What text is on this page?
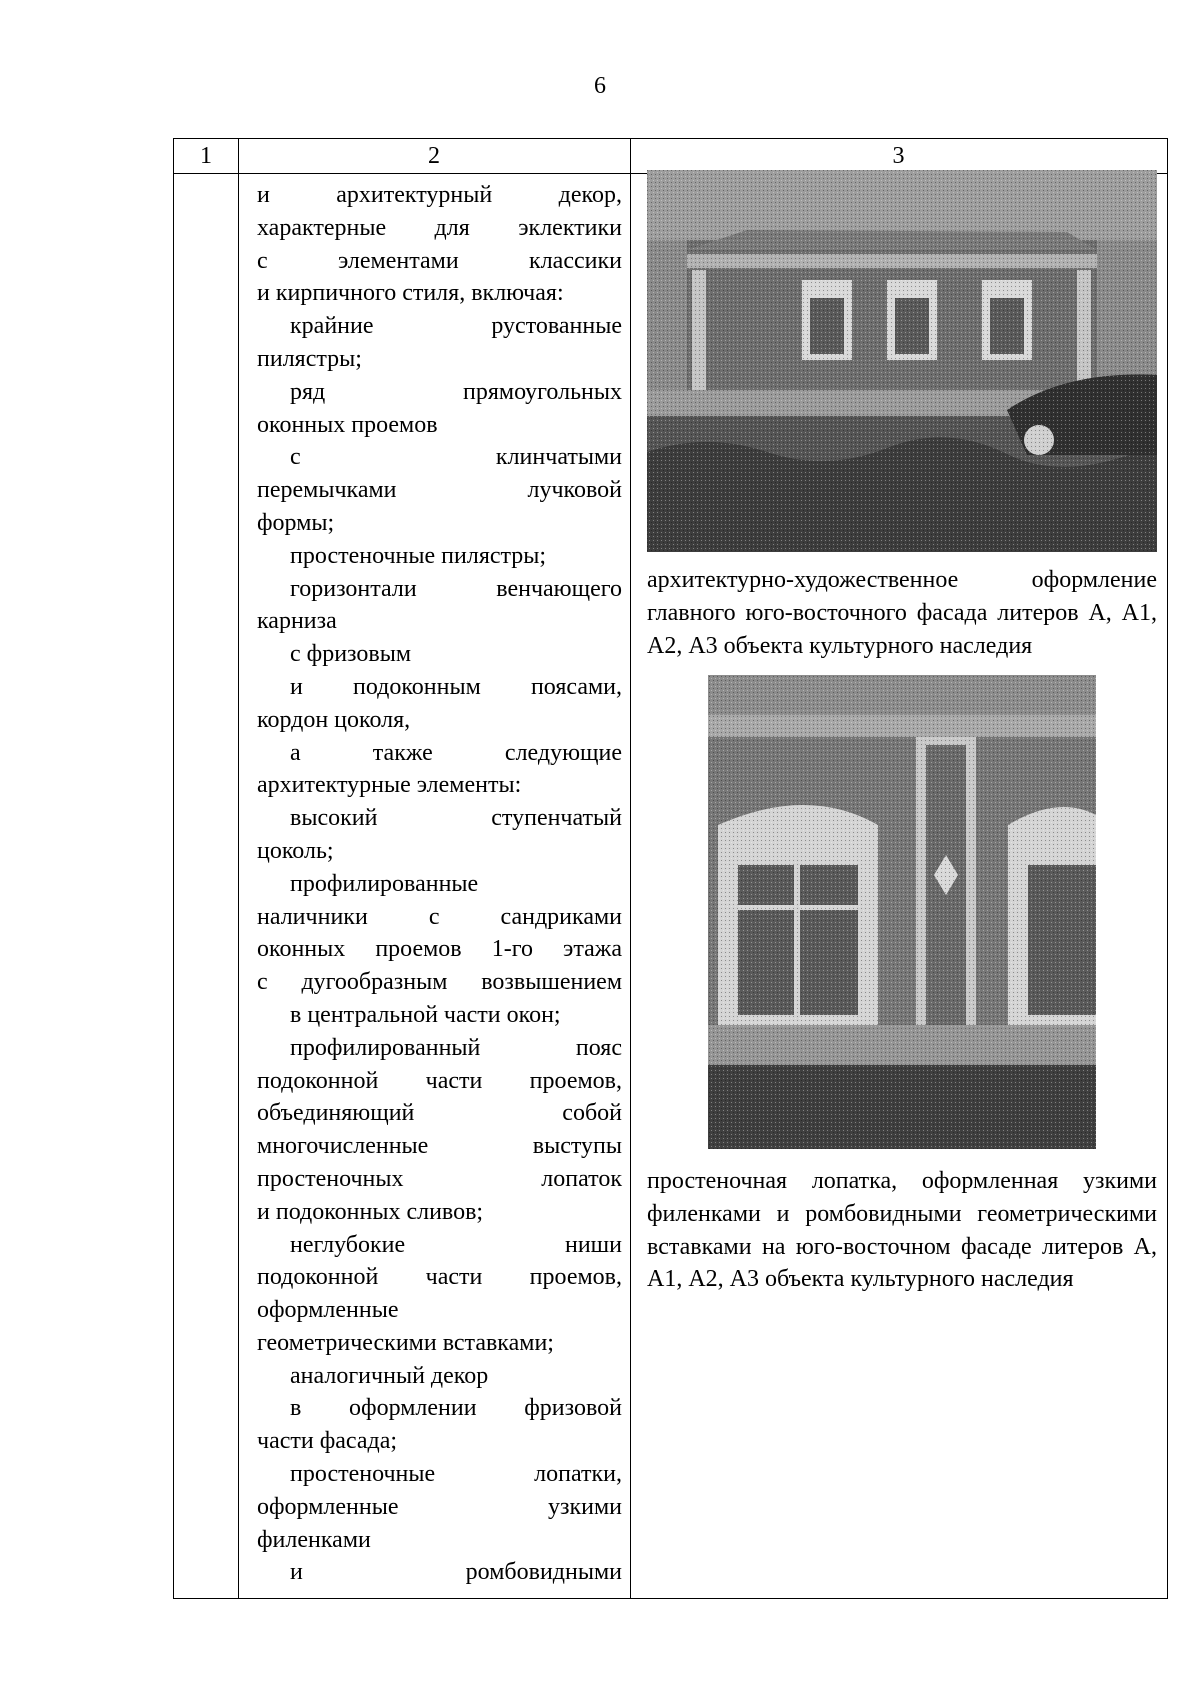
6
1	2	3

и архитектурный декор,

характерные для эклектики

с элементами классики

и кирпичного стиля, включая:

крайние рустованные

пилястры;

ряд прямоугольных

оконных проемов

с клинчатыми

перемычками лучковой

формы;

простеночные пилястры;

горизонтали венчающего

карниза

с фризовым

и подоконным поясами,

кордон цоколя,

а также следующие

архитектурные элементы:

высокий ступенчатый

цоколь;

профилированные

наличники с сандриками

оконных проемов 1-го этажа

с дугообразным возвышением

в центральной части окон;

профилированный пояс

подоконной части проемов,

объединяющий собой

многочисленные выступы

простеночных лопаток

и подоконных сливов;

неглубокие ниши

подоконной части проемов,

оформленные

геометрическими вставками;

аналогичный декор

в оформлении фризовой

части фасада;

простеночные лопатки,

оформленные узкими

филенками

и ромбовидными

архитектурно-художественное оформление главного юго-восточного фасада литеров А, А1, А2, А3 объекта культурного наследия

простеночная лопатка, оформленная узкими филенками и ромбовидными геометрическими вставками на юго-восточном фасаде литеров А, А1, А2, А3 объекта культурного наследия
